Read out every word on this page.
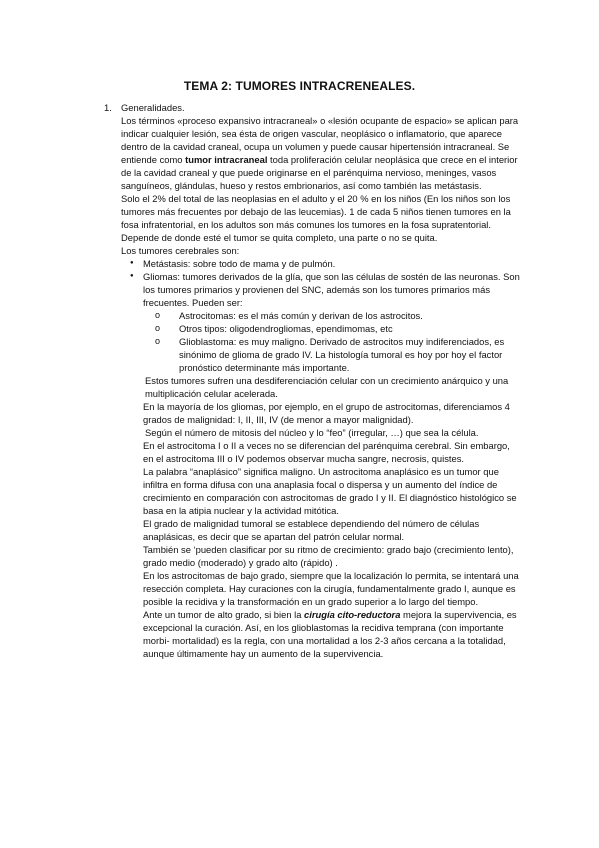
TEMA 2: TUMORES INTRACRENEALES.
1. Generalidades.

Los términos «proceso expansivo intracraneal» o «lesión ocupante de espacio» se aplican para indicar cualquier lesión, sea ésta de origen vascular, neoplásico o inflamatorio, que aparece dentro de la cavidad craneal, ocupa un volumen y puede causar hipertensión intracraneal. Se entiende como tumor intracraneal toda proliferación celular neoplásica que crece en el interior de la cavidad craneal y que puede originarse en el parénquima nervioso, meninges, vasos sanguíneos, glándulas, hueso y restos embrionarios, así como también las metástasis.

Solo el 2% del total de las neoplasias en el adulto y el 20 % en los niños (En los niños son los tumores más frecuentes por debajo de las leucemias). 1 de cada 5 niños tienen tumores en la fosa infratentorial, en los adultos son más comunes los tumores en la fosa supratentorial.

Depende de donde esté el tumor se quita completo, una parte o no se quita.

Los tumores cerebrales son:

● Metástasis: sobre todo de mama y de pulmón.
● Gliomas: tumores derivados de la glía, que son las células de sostén de las neuronas. Son los tumores primarios y provienen del SNC, además son los tumores primarios más frecuentes. Pueden ser:
o Astrocitomas: es el más común y derivan de los astrocitos.
o Otros tipos: oligodendrogliomas, ependimomas, etc
o Glioblastoma: es muy maligno. Derivado de astrocitos muy indiferenciados, es sinónimo de glioma de grado IV. La histología tumoral es hoy por hoy el factor pronóstico determinante más importante.

Estos tumores sufren una desdiferenciación celular con un crecimiento anárquico y una multiplicación celular acelerada.

En la mayoría de los gliomas, por ejemplo, en el grupo de astrocitomas, diferenciamos 4 grados de malignidad: I, II, III, IV (de menor a mayor malignidad).

Según el número de mitosis del núcleo y lo “feo” (irregular, …) que sea la célula.

En el astrocitoma I o II a veces no se diferencian del parénquima cerebral. Sin embargo, en el astrocitoma III o IV podemos observar mucha sangre, necrosis, quistes.

La palabra “anaplásico” significa maligno. Un astrocitoma anaplásico es un tumor que infiltra en forma difusa con una anaplasia focal o dispersa y un aumento del índice de crecimiento en comparación con astrocitomas de grado I y II. El diagnóstico histológico se basa en la atipia nuclear y la actividad mitótica.

El grado de malignidad tumoral se establece dependiendo del número de células anaplásicas, es decir que se apartan del patrón celular normal.

También se ‘pueden clasificar por su ritmo de crecimiento: grado bajo (crecimiento lento), grado medio (moderado) y grado alto (rápido) .

En los astrocitomas de bajo grado, siempre que la localización lo permita, se intentará una resección completa. Hay curaciones con la cirugía, fundamentalmente grado I, aunque es posible la recidiva y la transformación en un grado superior a lo largo del tiempo.

Ante un tumor de alto grado, si bien la cirugía cito-reductora mejora la supervivencia, es excepcional la curación. Así, en los glioblastomas la recidiva temprana (con importante morbi- mortalidad) es la regla, con una mortalidad a los 2-3 años cercana a la totalidad, aunque últimamente hay un aumento de la supervivencia.
